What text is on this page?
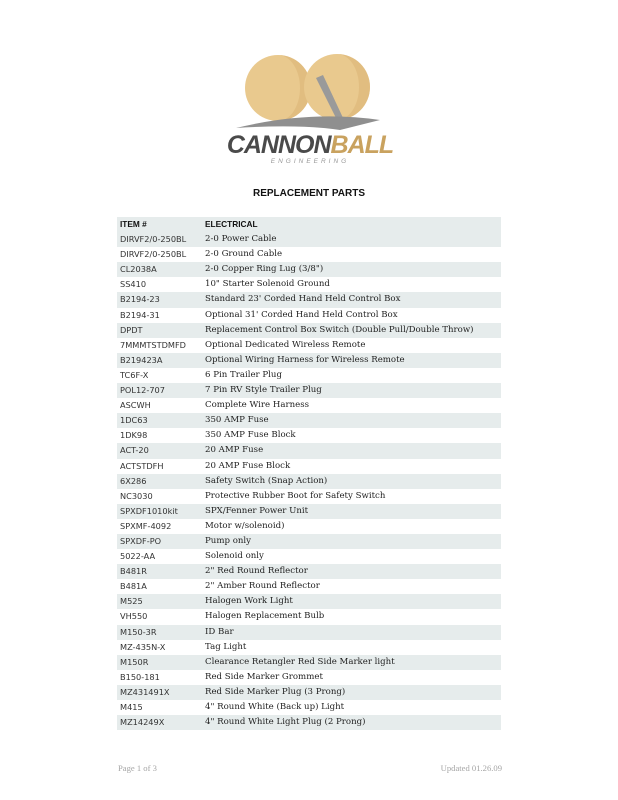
CANNONBALL
ENGINEERING
REPLACEMENT PARTS
ITEM #	ELECTRICAL
DIRVF2/0-250BL	2-0 Power Cable
DIRVF2/0-250BL	2-0 Ground Cable
CL2038A	2-0 Copper Ring Lug (3/8")
SS410	10" Starter Solenoid Ground
B2194-23	Standard 23' Corded Hand Held Control Box
B2194-31	Optional 31' Corded Hand Held Control Box
DPDT	Replacement Control Box Switch (Double Pull/Double Throw)
7MMMTSTDMFD	Optional Dedicated Wireless Remote
B219423A	Optional Wiring Harness for Wireless Remote
TC6F-X	6 Pin Trailer Plug
POL12-707	7 Pin RV Style Trailer Plug
ASCWH	Complete Wire Harness
1DC63	350 AMP Fuse
1DK98	350 AMP Fuse Block
ACT-20	20 AMP Fuse
ACTSTDFH	20 AMP Fuse Block
6X286	Safety Switch (Snap Action)
NC3030	Protective Rubber Boot for Safety Switch
SPXDF1010kit	SPX/Fenner Power Unit
SPXMF-4092	Motor w/solenoid)
SPXDF-PO	Pump only
5022-AA	Solenoid only
B481R	2" Red Round Reflector
B481A	2" Amber Round Reflector
M525	Halogen Work Light
VH550	Halogen Replacement Bulb
M150-3R	ID Bar
MZ-435N-X	Tag Light
M150R	Clearance Retangler Red Side Marker light
B150-181	Red Side Marker Grommet
MZ431491X	Red Side Marker Plug (3 Prong)
M415	4" Round White (Back up) Light
MZ14249X	4" Round White Light Plug (2 Prong)

Page 1 of 3	Updated 01.26.09
